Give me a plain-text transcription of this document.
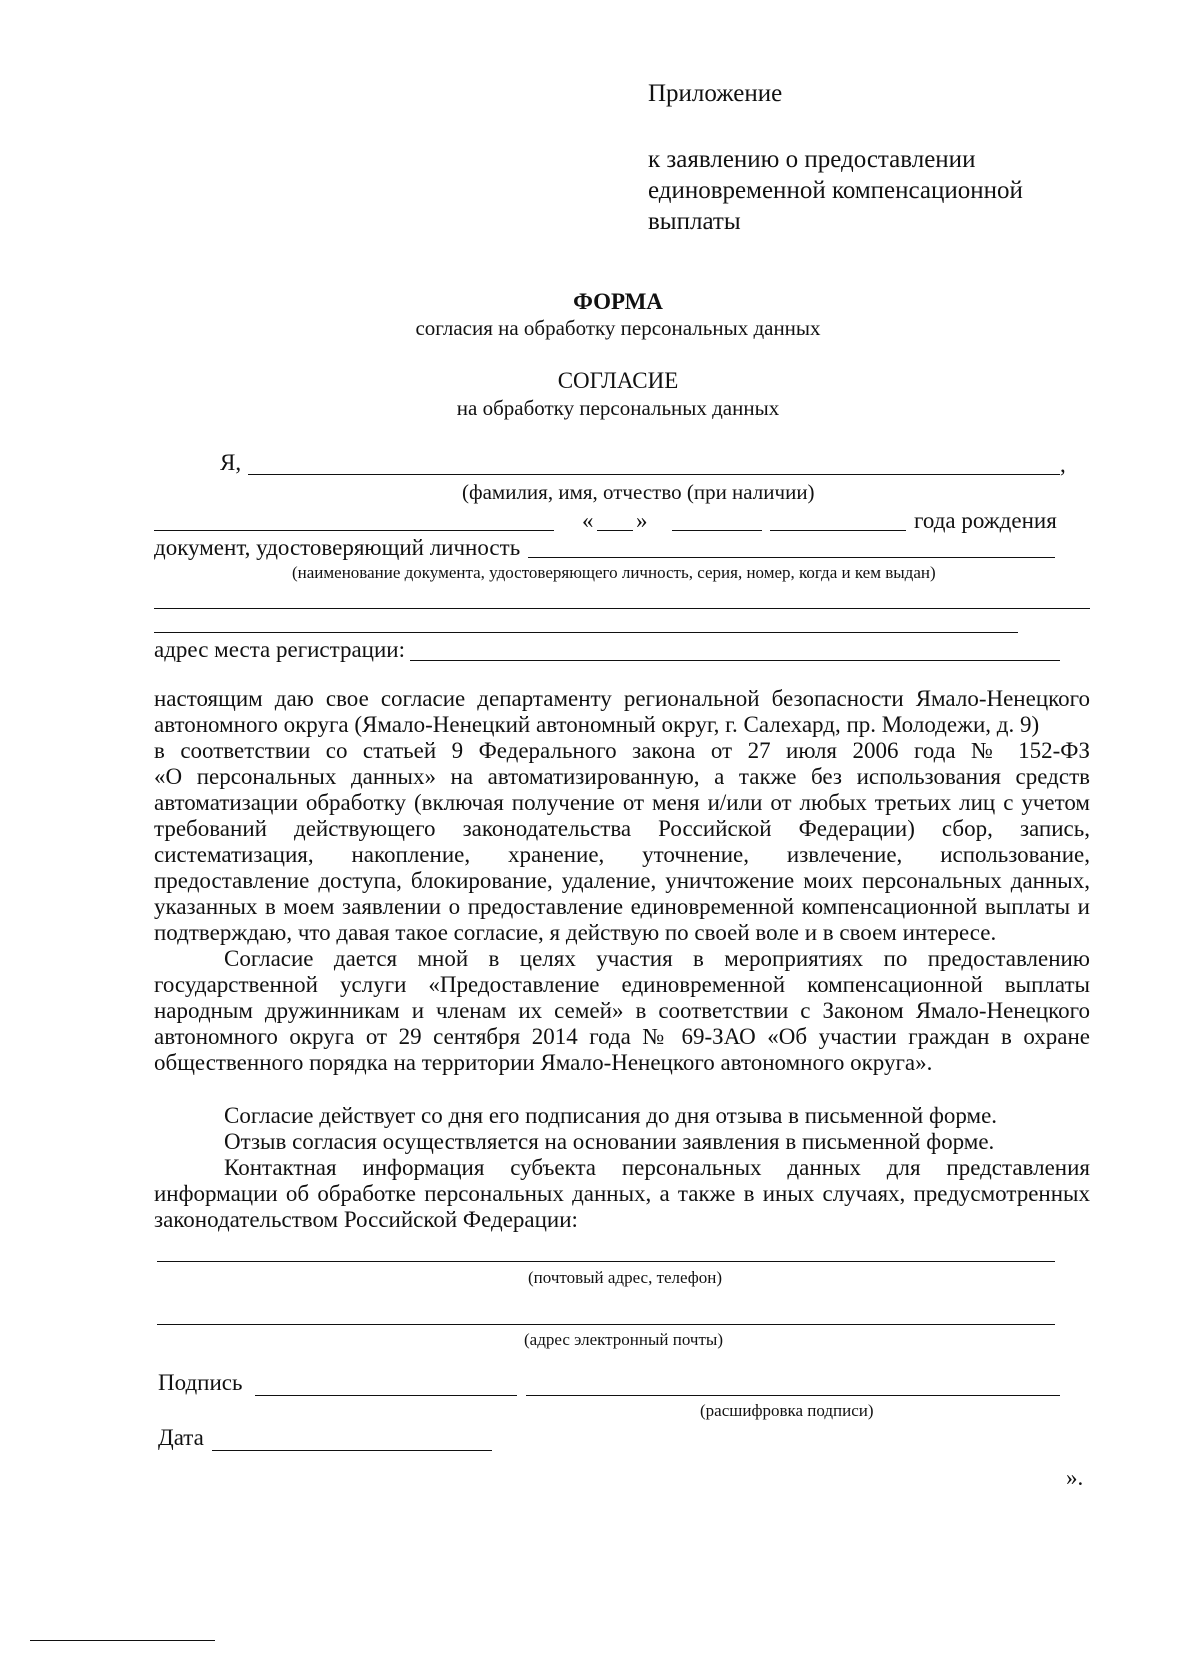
Приложение
к заявлению о предоставлении
единовременной компенсационной
выплаты
ФОРМА
согласия на обработку персональных данных
СОГЛАСИЕ
на обработку персональных данных
Я,	,
(фамилия, имя, отчество (при наличии)
« »	года рождения
документ, удостоверяющий личность
(наименование документа, удостоверяющего личность, серия, номер, когда и кем выдан)
адрес места регистрации:
настоящим даю свое согласие департаменту региональной безопасности Ямало-Ненецкого
автономного округа (Ямало-Ненецкий автономный округ, г. Салехард, пр. Молодежи, д. 9)
в соответствии со статьей 9 Федерального закона от 27 июля 2006 года № 152-ФЗ
«О персональных данных» на автоматизированную, а также без использования средств
автоматизации обработку (включая получение от меня и/или от любых третьих лиц с учетом
требований действующего законодательства Российской Федерации) сбор, запись,
систематизация, накопление, хранение, уточнение, извлечение, использование,
предоставление доступа, блокирование, удаление, уничтожение моих персональных данных,
указанных в моем заявлении о предоставление единовременной компенсационной выплаты и
подтверждаю, что давая такое согласие, я действую по своей воле и в своем интересе.
Согласие дается мной в целях участия в мероприятиях по предоставлению
государственной услуги «Предоставление единовременной компенсационной выплаты
народным дружинникам и членам их семей» в соответствии с Законом Ямало-Ненецкого
автономного округа от 29 сентября 2014 года № 69-ЗАО «Об участии граждан в охране
общественного порядка на территории Ямало-Ненецкого автономного округа».
Согласие действует со дня его подписания до дня отзыва в письменной форме.
Отзыв согласия осуществляется на основании заявления в письменной форме.
Контактная информация субъекта персональных данных для представления
информации об обработке персональных данных, а также в иных случаях, предусмотренных
законодательством Российской Федерации:
(почтовый адрес, телефон)
(адрес электронный почты)
Подпись
(расшифровка подписи)
Дата
».
